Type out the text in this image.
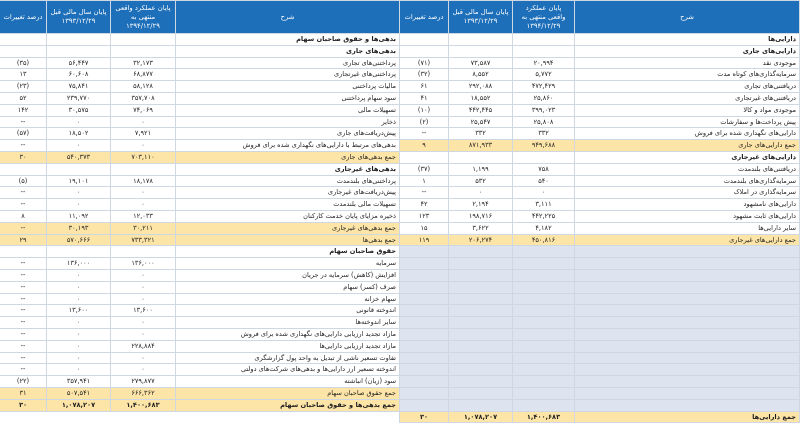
شرح	پایان عملکرد واقعی منتهی به ۱۳۹۴/۱۲/۲۹	پایان سال مالی قبل ۱۳۹۳/۱۲/۲۹	درصد تغییرات
دارایی‌ها			
دارایی‌های جاری			
موجودی نقد	۲۰,۹۹۴	۷۳,۵۸۷	(۷۱)
سرمایه‌گذاری‌های کوتاه مدت	۵,۷۷۲	۸,۵۵۲	(۳۲)
دریافتنی‌های تجاری	۴۷۲,۴۲۹	۲۹۲,۰۸۸	۶۱
دریافتنی‌های غیرتجاری	۲۵,۸۶۰	۱۸,۵۵۲	۴۱
موجودی مواد و کالا	۳۹۹,۰۲۳	۴۴۲,۴۴۵	(۱۰)
پیش پرداخت‌ها و سفارشات	۲۵,۸۰۸	۲۵,۵۴۷	(۲)
دارایی‌های نگهداری شده برای فروش	۳۳۲	۳۳۲	--
جمع دارایی‌های جاری	۹۴۹,۶۸۸	۸۷۱,۹۳۳	۹
دارایی‌های غیرجاری			
دریافتنی‌های بلندمدت	۷۵۸	۱,۱۹۹	(۳۷)
سرمایه‌گذاری‌های بلندمدت	۵۴۰	۵۳۲	۱
سرمایه‌گذاری در املاک	۰	۰	--
دارایی‌های نامشهود	۳,۱۱۱	۲,۱۹۴	۴۲
دارایی‌های ثابت مشهود	۴۴۲,۲۲۵	۱۹۸,۷۱۶	۱۲۳
سایر دارایی‌ها	۴,۱۸۲	۳,۶۲۲	۱۵
جمع دارایی‌های غیرجاری	۴۵۰,۸۱۶	۲۰۶,۲۷۴	۱۱۹

جمع دارایی‌ها	۱,۴۰۰,۶۸۳	۱,۰۷۸,۲۰۷	۳۰
شرح	پایان عملکرد واقعی منتهی به ۱۳۹۴/۱۲/۲۹	پایان سال مالی قبل ۱۳۹۳/۱۲/۲۹	درصد تغییرات
بدهی‌ها و حقوق صاحبان سهام			
بدهی‌های جاری			
پرداختنی‌های تجاری	۳۲,۱۷۳	۵۶,۴۴۷	(۳۵)
پرداختنی‌های غیرتجاری	۶۸,۸۷۷	۶۰,۶۰۸	۱۳
مالیات پرداختنی	۵۸,۱۲۸	۷۵,۸۴۱	(۲۳)
سود سهام پرداختنی	۳۵۷,۷۰۸	۲۳۹,۷۷۰	۵۲
تسهیلات مالی	۷۴,۰۶۹	۳۰,۵۷۵	۱۴۲
ذخایر	۰	۰	--
پیش‌دریافت‌های جاری	۷,۹۲۱	۱۸,۵۰۲	(۵۷)
بدهی‌های مرتبط با دارایی‌های نگهداری شده برای فروش	۰	۰	--
جمع بدهی‌های جاری	۷۰۳,۱۱۰	۵۴۰,۳۷۳	۳۰
بدهی‌های غیرجاری			
پرداختنی‌های بلندمدت	۱۸,۱۷۸	۱۹,۱۰۱	(۵)
پیش‌دریافت‌های غیرجاری	۰	۰	--
تسهیلات مالی بلندمدت	۰	۰	--
ذخیره مزایای پایان خدمت کارکنان	۱۲,۰۳۳	۱۱,۰۹۲	۸
جمع بدهی‌های غیرجاری	۳۰,۲۱۱	۳۰,۱۹۳	--
جمع بدهی‌ها	۷۳۳,۳۲۱	۵۷۰,۶۶۶	۲۹
حقوق صاحبان سهام			
سرمایه	۱۳۶,۰۰۰	۱۳۶,۰۰۰	--
افزایش (کاهش) سرمایه در جریان	۰	۰	--
صرف (کسر) سهام	۰	۰	--
سهام خزانه	۰	۰	--
اندوخته قانونی	۱۳,۶۰۰	۱۳,۶۰۰	--
سایر اندوخته‌ها	۰	۰	--
مازاد تجدید ارزیابی دارایی‌های نگهداری شده برای فروش	۰	۰	--
مازاد تجدید ارزیابی دارایی‌ها	۲۲۸,۸۸۴	۰	--
تفاوت تسعیر ناشی از تبدیل به واحد پول گزارشگری	۰	۰	--
اندوخته تسعیر ارز دارایی‌ها و بدهی‌های شرکت‌های دولتی	۰	۰	--
سود (زیان) انباشته	۲۷۹,۸۷۷	۳۵۷,۹۴۱	(۲۲)
جمع حقوق صاحبان سهام	۶۶۶,۳۶۲	۵۰۷,۵۴۱	۳۱
جمع بدهی‌ها و حقوق صاحبان سهام	۱,۴۰۰,۶۸۳	۱,۰۷۸,۲۰۷	۳۰
